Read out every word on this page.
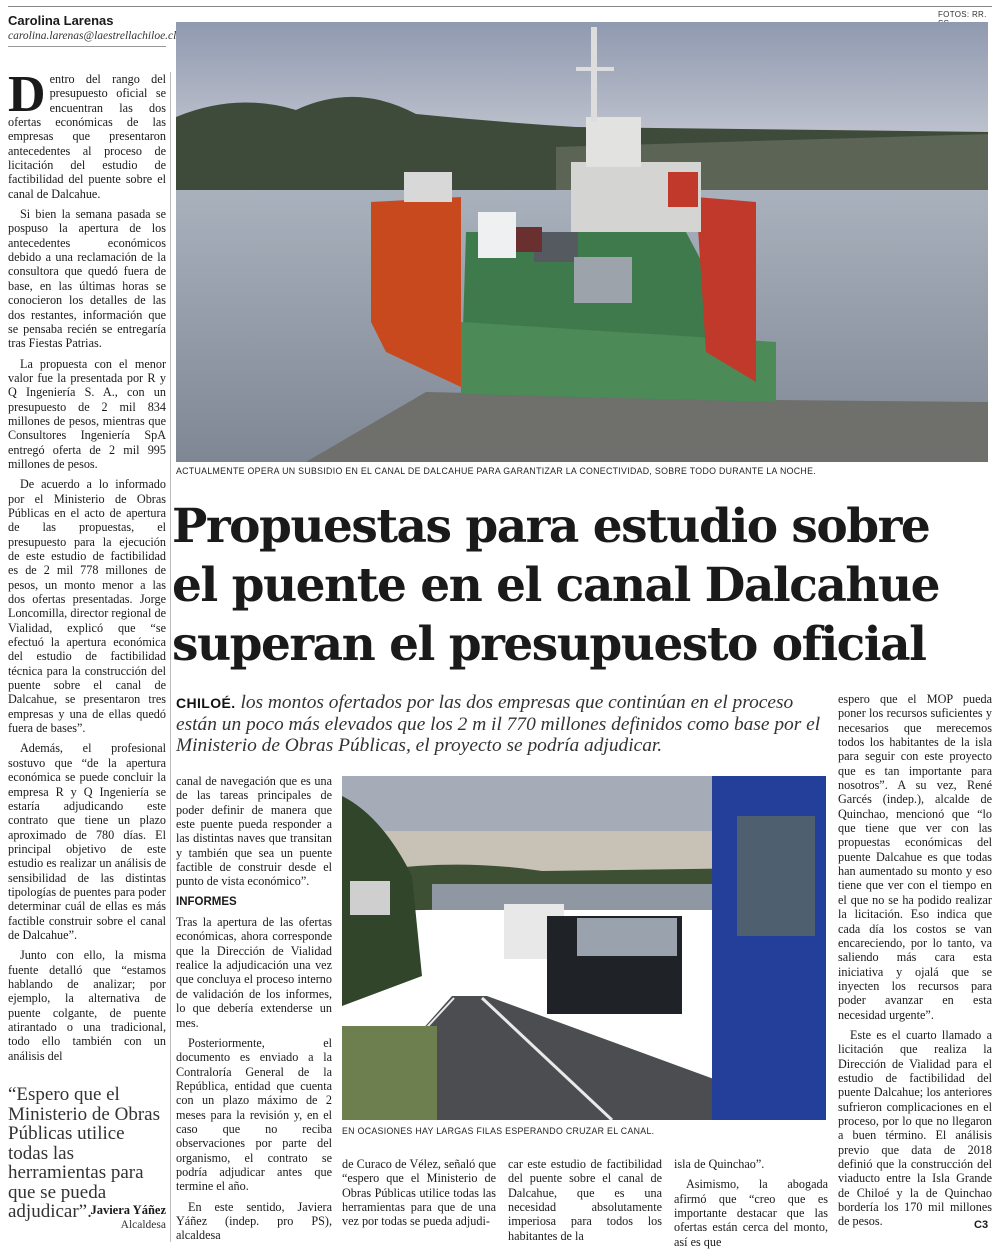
FOTOS: RR.
Carolina Larenas
carolina.larenas@laestrellachiloe.cl

Dentro del rango del presupuesto oficial se encuentran las dos ofertas económicas de las empresas que presentaron antecedentes al proceso de licitación del estudio de factibilidad del puente sobre el canal de Dalcahue.

Si bien la semana pasada se pospuso la apertura de los antecedentes económicos debido a una reclamación de la consultora que quedó fuera de base, en las últimas horas se conocieron los detalles de las dos restantes, información que se pensaba recién se entregaría tras Fiestas Patrias.

La propuesta con el menor valor fue la presentada por R y Q Ingeniería S. A., con un presupuesto de 2 mil 834 millones de pesos, mientras que Consultores Ingeniería SpA entregó oferta de 2 mil 995 millones de pesos.

De acuerdo a lo informado por el Ministerio de Obras Públicas en el acto de apertura de las propuestas, el presupuesto para la ejecución de este estudio de factibilidad es de 2 mil 778 millones de pesos, un monto menor a las dos ofertas presentadas. Jorge Loncomilla, director regional de Vialidad, explicó que “se efectuó la apertura económica del estudio de factibilidad técnica para la construcción del puente sobre el canal de Dalcahue, se presentaron tres empresas y una de ellas quedó fuera de bases”.

Además, el profesional sostuvo que “de la apertura económica se puede concluir la empresa R y Q Ingeniería se estaría adjudicando este contrato que tiene un plazo aproximado de 780 días. El principal objetivo de este estudio es realizar un análisis de sensibilidad de las distintas tipologías de puentes para poder determinar cuál de ellas es más factible construir sobre el canal de Dalcahue”.

Junto con ello, la misma fuente detalló que “estamos hablando de analizar; por ejemplo, la alternativa de puente colgante, de puente atirantado o una tradicional, todo ello también con un análisis del

“Espero que el Ministerio de Obras Públicas utilice todas las herramientas para que se pueda adjudicar”.
Javiera Yáñez
Alcaldesa
ACTUALMENTE OPERA UN SUBSIDIO EN EL CANAL DE DALCAHUE PARA GARANTIZAR LA CONECTIVIDAD, SOBRE TODO DURANTE LA NOCHE.
Propuestas para estudio sobre el puente en el canal Dalcahue superan el presupuesto oficial
CHILOÉ. los montos ofertados por las dos empresas que continúan en el proceso están un poco más elevados que los 2 m il 770 millones definidos como base por el Ministerio de Obras Públicas, el proyecto se podría adjudicar.

canal de navegación que es una de las tareas principales de poder definir de manera que este puente pueda responder a las distintas naves que transitan y también que sea un puente factible de construir desde el punto de vista económico”.

INFORMES

Tras la apertura de las ofertas económicas, ahora corresponde que la Dirección de Vialidad realice la adjudicación una vez que concluya el proceso interno de validación de los informes, lo que debería extenderse un mes.

Posteriormente, el documento es enviado a la Contraloría General de la República, entidad que cuenta con un plazo máximo de 2 meses para la revisión y, en el caso que no reciba observaciones por parte del organismo, el contrato se podría adjudicar antes que termine el año.

En este sentido, Javiera Yáñez (indep. pro PS), alcaldesa

EN OCASIONES HAY LARGAS FILAS ESPERANDO CRUZAR EL CANAL.

de Curaco de Vélez, señaló que “espero que el Ministerio de Obras Públicas utilice todas las herramientas para que de una vez por todas se pueda adjudi-

car este estudio de factibilidad del puente sobre el canal de Dalcahue, que es una necesidad absolutamente imperiosa para todos los habitantes de la

isla de Quinchao”.

Asimismo, la abogada afirmó que “creo que es importante destacar que las ofertas están cerca del monto, así es que

espero que el MOP pueda poner los recursos suficientes y necesarios que merecemos todos los habitantes de la isla para seguir con este proyecto que es tan importante para nosotros”. A su vez, René Garcés (indep.), alcalde de Quinchao, mencionó que “lo que tiene que ver con las propuestas económicas del puente Dalcahue es que todas han aumentado su monto y eso tiene que ver con el tiempo en el que no se ha podido realizar la licitación. Eso indica que cada día los costos se van encareciendo, por lo tanto, va saliendo más cara esta iniciativa y ojalá que se inyecten los recursos para poder avanzar en esta necesidad urgente”.

Este es el cuarto llamado a licitación que realiza la Dirección de Vialidad para el estudio de factibilidad del puente Dalcahue; los anteriores sufrieron complicaciones en el proceso, por lo que no llegaron a buen término. El análisis previo que data de 2018 definió que la construcción del viaducto entre la Isla Grande de Chiloé y la de Quinchao bordería los 170 mil millones de pesos.	C3
